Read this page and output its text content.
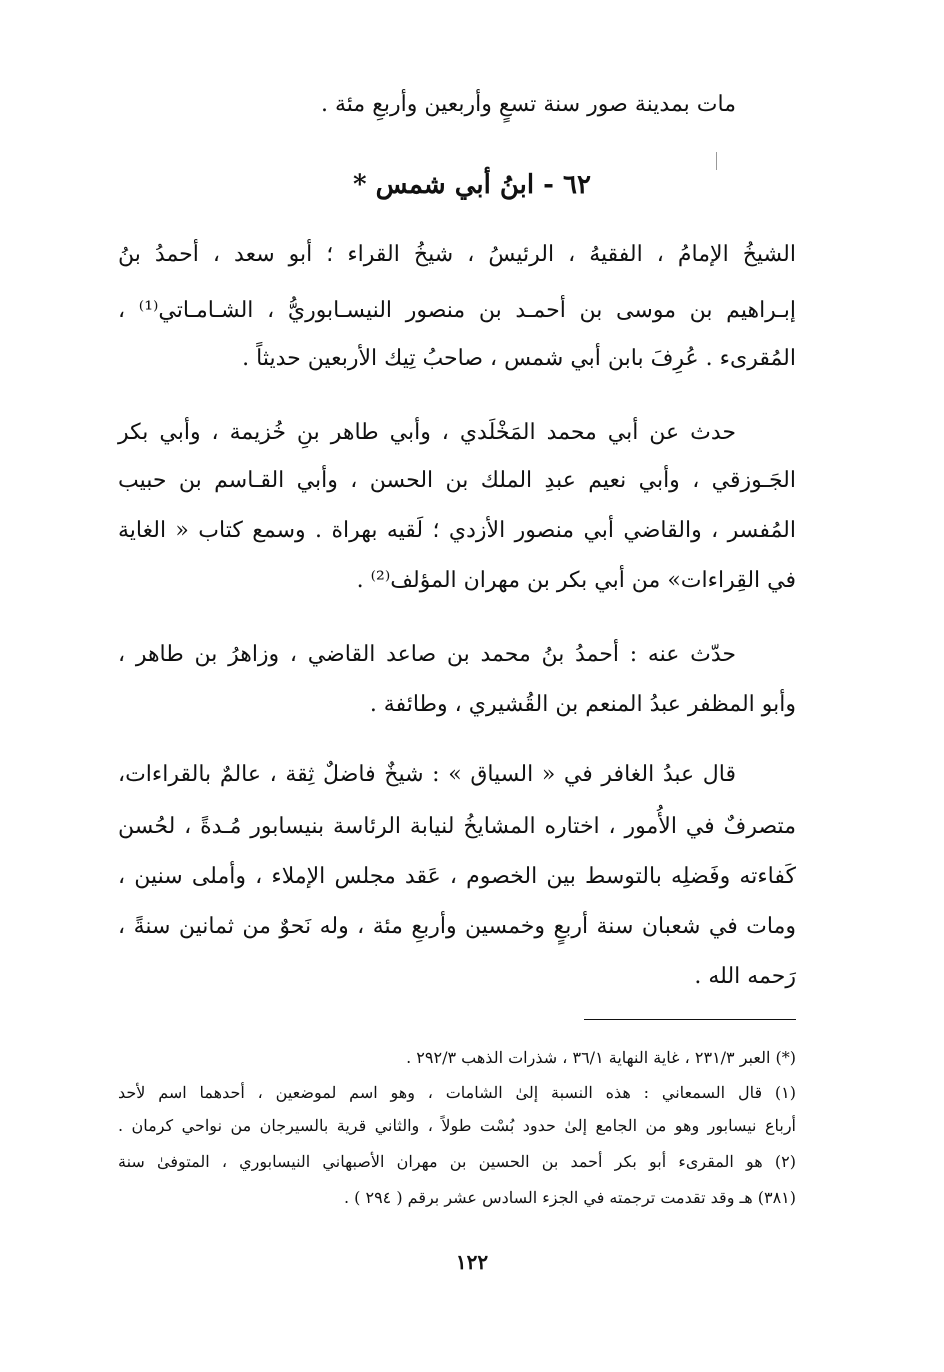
مات بمدينة صور سنة تسعٍ وأربعين وأربعِ مئة .
٦٢ - ابنُ أبي شمس *
الشيخُ الإمامُ ، الفقيهُ ، الرئيسُ ، شيخُ القراء ؛ أبو سعد ، أحمدُ بنُ
إبـراهيم بن موسى بن أحمـد بن منصور النيسـابوريُّ ، الشـامـاتي⁽¹⁾ ،
المُقرىء . عُرِفَ بابن أبي شمس ، صاحبُ تِيك الأربعين حديثاً .
حدث عن أبي محمد المَخْلَدي ، وأبي طاهر بنِ خُزيمة ، وأبي بكر
الجَـوزقي ، وأبي نعيم عبدِ الملك بن الحسن ، وأبي القـاسم بن حبيب
المُفسر ، والقاضي أبي منصور الأزدي ؛ لَقيه بهراة . وسمع كتاب « الغاية
في القِراءات» من أبي بكر بن مهران المؤلف⁽²⁾ .
حدّث عنه : أحمدُ بنُ محمد بن صاعد القاضي ، وزاهرُ بن طاهر ،
وأبو المظفر عبدُ المنعم بن القُشيري ، وطائفة .
قال عبدُ الغافر في « السياق » : شيخٌ فاضلٌ ثِقة ، عالمٌ بالقراءات،
متصرفٌ في الأُمور ، اختاره المشايخُ لنيابة الرئاسة بنيسابور مُـدةً ، لحُسن
كَفاءته وفَضلِه بالتوسط بين الخصوم ، عَقد مجلس الإملاء ، وأملى سنين ،
ومات في شعبان سنة أربعٍ وخمسين وأربعِ مئة ، وله نَحوٌ من ثمانين سنةً ،
رَحمه الله .
(*) العبر ٢٣١/٣ ، غاية النهاية ٣٦/١ ، شذرات الذهب ٢٩٢/٣ .
(١) قال السمعاني : هذه النسبة إلىٰ الشامات ، وهو اسم لموضعين ، أحدهما اسم لأحد
أرباع نيسابور وهو من الجامع إلىٰ حدود بُسْت طولاً ، والثاني قرية بالسيرجان من نواحي كرمان .
(٢) هو المقرىء أبو بكر أحمد بن الحسين بن مهران الأصبهاني النيسابوري ، المتوفىٰ سنة
(٣٨١) هـ وقد تقدمت ترجمته في الجزء السادس عشر برقم ( ٢٩٤ ) .
١٢٢
